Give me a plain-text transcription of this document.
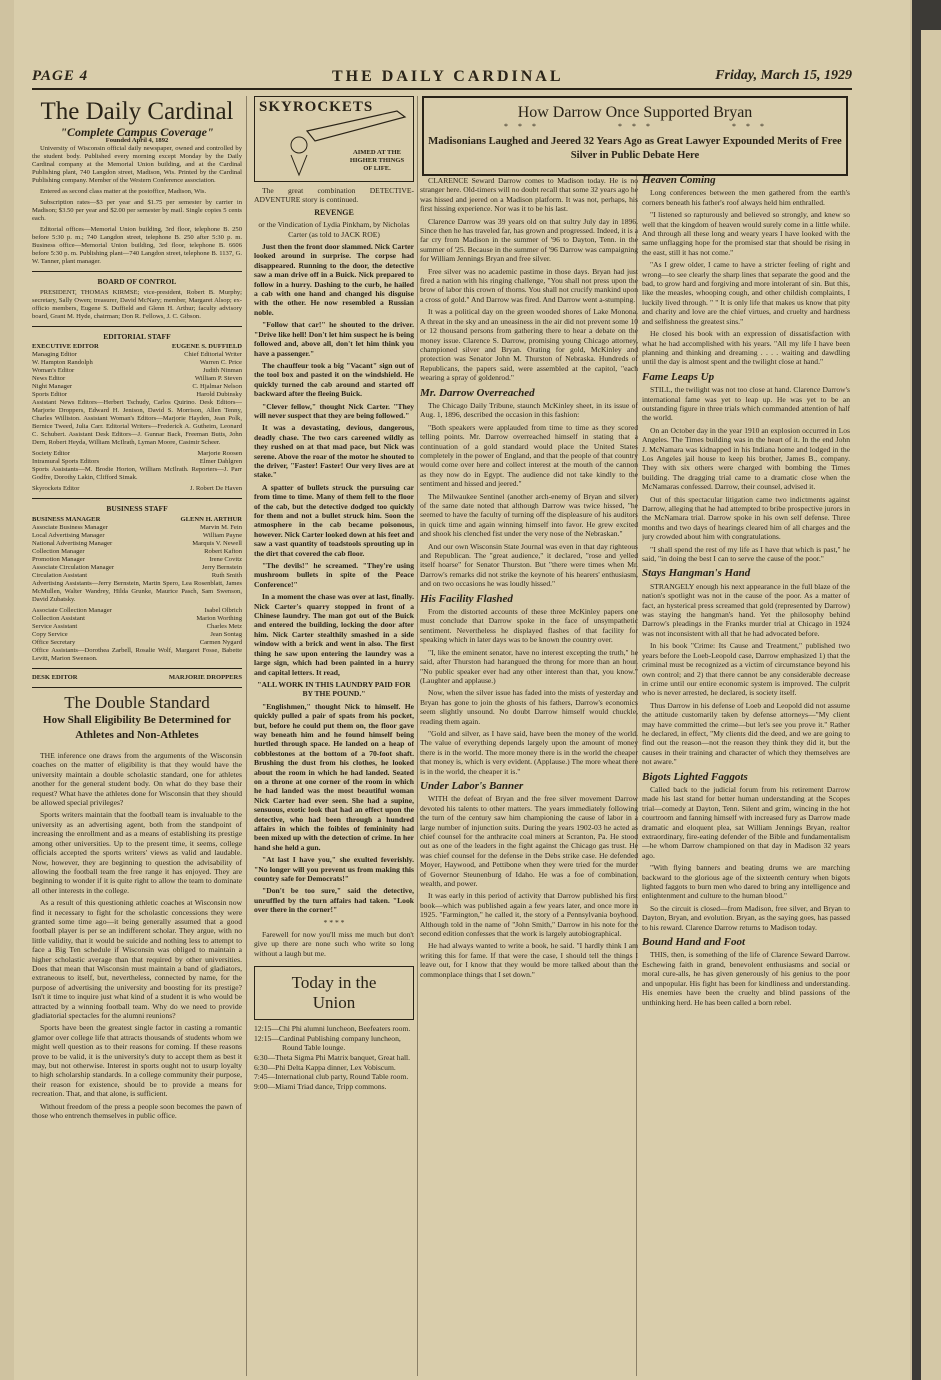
PAGE 4	THE DAILY CARDINAL	Friday, March 15, 1929
The Daily Cardinal
"Complete Campus Coverage"
Founded April 4, 1892

University of Wisconsin official daily newspaper, owned and controlled by the student body. Published every morning except Monday by the Daily Cardinal company at the Memorial Union building, and at the Cardinal Publishing plant, 740 Langdon street, Madison, Wis. Printed by the Cardinal Publishing company. Member of the Western Conference association.

Entered as second class matter at the postoffice, Madison, Wis.

Subscription rates—$3 per year and $1.75 per semester by carrier in Madison; $3.50 per year and $2.00 per semester by mail. Single copies 5 cents each.

Editorial offices—Memorial Union building, 3rd floor, telephone B. 250 before 5:30 p. m.; 740 Langdon street, telephone B. 250 after 5:30 p. m. Business office—Memorial Union building, 3rd floor, telephone B. 6606 before 5:30 p. m. Publishing plant—740 Langdon street, telephone B. 1137, G. W. Tanner, plant manager.

BOARD OF CONTROL

PRESIDENT, THOMAS KIRMSE; vice-president, Robert B. Murphy; secretary, Sally Owen; treasurer, David McNary; member, Margaret Alsop; ex-officio members, Eugene S. Duffield and Glenn H. Arthur; faculty advisory board, Grant M. Hyde, chairman; Don R. Fellows, J. C. Gibson.

EDITORIAL STAFF
EXECUTIVE EDITOR	EUGENE S. DUFFIELD
Managing Editor	Chief Editorial Writer
W. Hampton Randolph	Warren C. Price
Woman's Editor	Judith Ninman
News Editor	William P. Steven
Night Manager	C. Hjalmar Nelson
Sports Editor	Harold Dubinsky

Assistant News Editors—Herbert Tschudy, Carlos Quirino. Desk Editors—Marjorie Droppers, Edward H. Jenison, David S. Morrison, Allen Tenny, Charles Williston. Assistant Woman's Editors—Marjorie Hayden, Jean Polk, Bernice Tweed, Julia Carr. Editorial Writers—Frederick A. Gutheim, Leonard C. Schubert. Assistant Desk Editors—J. Gunnar Back, Freeman Butts, John Dern, Robert Heyda, William McIlrath, Lyman Moore, Casimir Scheer.

Society Editor	Marjorie Roosen
Intramural Sports Editors	Elmer Dahlgren

Sports Assistants—M. Brodie Horton, William McIlrath. Reporters—J. Parr Godfre, Dorothy Lakin, Clifford Simak.

Skyrockets Editor	J. Robert De Haven
BUSINESS STAFF
BUSINESS MANAGER	GLENN H. ARTHUR
Associate Business Manager	Marvin M. Fein
Local Advertising Manager	William Payne
National Advertising Manager	Marquis V. Newell
Collection Manager	Robert Kafton
Promotion Manager	Irene Covitz
Associate Circulation Manager	Jerry Bernstein
Circulation Assistant	Ruth Smith

Advertising Assistants—Jerry Bernstein, Martin Spero, Lea Rosenblatt, James McMullen, Walter Wandrey, Hilda Grunke, Maurice Pasch, Sam Swenson, David Zubatsky.

Associate Collection Manager	Isabel Olbrich
Collection Assistant	Marion Worthing
Service Assistant	Charles Metz
Copy Service	Jean Sontag
Office Secretary	Carmen Nygard

Office Assistants—Dorothea Zarbell, Rosalie Wolf, Margaret Fosse, Babette Levitt, Marion Swenson.

DESK EDITOR	MARJORIE DROPPERS
The Double Standard
How Shall Eligibility Be Determined for Athletes and Non-Athletes

THE inference one draws from the arguments of the Wisconsin coaches on the matter of eligibility is that they would have the university maintain a double scholastic standard, one for athletes another for the general student body. On what do they base their request? What have the athletes done for Wisconsin that they should be allowed special privileges?

Sports writers maintain that the football team is invaluable to the university as an advertising agent, both from the standpoint of increasing the enrollment and as a means of establishing its prestige among other universities. Up to the present time, it seems, college officials accepted the sports writers' views as valid and laudable. Now, however, they are beginning to question the advisability of allowing the football team the free range it has enjoyed. They are beginning to wonder if it is quite right to allow the team to dominate all other interests in the college.

As a result of this questioning athletic coaches at Wisconsin now find it necessary to fight for the scholastic concessions they were granted some time ago—it being generally assumed that a good football player is per se an indifferent scholar. They argue, with no little validity, that it would be suicide and nothing less to attempt to face a Big Ten schedule if Wisconsin was obliged to maintain a higher scholastic average than that required by other universities. Does that mean that Wisconsin must maintain a band of gladiators, extraneous to itself, but, nevertheless, connected by name, for the purpose of advertising the university and boosting for its prestige? Isn't it time to inquire just what kind of a student it is who would be attracted by a winning football team. Why do we need to provide gladiatorial spectacles for the alumni reunions?

Sports have been the greatest single factor in casting a romantic glamor over college life that attracts thousands of students whom we might well question as to their reasons for coming. If these reasons prove to be valid, it is the university's duty to accept them as best it may, but not otherwise. Interest in sports ought not to usurp loyalty to high scholarship standards. In a college community their purpose, their reason for existence, should be to provide a means for recreation. That, and that alone, is sufficient.

Without freedom of the press a people soon becomes the pawn of those who entrench themselves in public office.

SKYROCKETS
AIMED AT THE HIGHER THINGS OF LIFE.

The great combination DETECTIVE-ADVENTURE story is continued.

REVENGE

or the Vindication of Lydia Pinkham, by Nicholas Carter (as told to JACK ROE)

Just then the front door slammed. Nick Carter looked around in surprise. The corpse had disappeared. Running to the door, the detective saw a man drive off in a Buick. Nick prepared to follow in a hurry. Dashing to the curb, he hailed a cab with one hand and changed his disguise with the other. He now resembled a Russian noble.

"Follow that car!" he shouted to the driver. "Drive like hell! Don't let him suspect he is being followed and, above all, don't let him think you have a passenger."

The chauffeur took a big "Vacant" sign out of the tool box and pasted it on the windshield. He quickly turned the cab around and started off backward after the fleeing Buick.

"Clever fellow," thought Nick Carter. "They will never suspect that they are being followed."

It was a devastating, devious, dangerous, deadly chase. The two cars careened wildly as they rushed on at that mad pace, but Nick was serene. Above the roar of the motor he shouted to the driver, "Faster! Faster! Our very lives are at stake."

A spatter of bullets struck the pursuing car from time to time. Many of them fell to the floor of the cab, but the detective dodged too quickly for them and not a bullet struck him. Soon the atmosphere in the cab became poisonous, however. Nick Carter looked down at his feet and saw a vast quantity of toadstools sprouting up in the dirt that covered the cab floor.

"The devils!" he screamed. "They're using mushroom bullets in spite of the Peace Conference!"

In a moment the chase was over at last, finally. Nick Carter's quarry stopped in front of a Chinese laundry. The man got out of the Buick and entered the building, locking the door after him. Nick Carter stealthily smashed in a side window with a brick and went in also. The first thing he saw upon entering the laundry was a large sign, which had been painted in a hurry and capital letters. It read,

"ALL WORK IN THIS LAUNDRY PAID FOR BY THE POUND."

"Englishmen," thought Nick to himself. He quickly pulled a pair of spats from his pocket, but, before he could put them on, the floor gave way beneath him and he found himself being hurtled through space. He landed on a heap of cobblestones at the bottom of a 70-foot shaft. Brushing the dust from his clothes, he looked about the room in which he had landed. Seated on a throne at one corner of the room in which he had landed was the most beautiful woman Nick Carter had ever seen. She had a supine, sensuous, exotic look that had an effect upon the detective, who had been through a hundred affairs in which the foibles of femininity had been mixed up with the detection of crime. In her hand she held a gun.

"At last I have you," she exulted feverishly. "No longer will you prevent us from making this country safe for Democrats!"

"Don't be too sure," said the detective, unruffled by the turn affairs had taken. "Look over there in the corner!"

* * * *

Farewell for now you'll miss me much but don't give up there are none such who write so long without a laugh but me.

Today in the Union
12:15—Chi Phi alumni luncheon, Beefeaters room.
12:15—Cardinal Publishing company luncheon, Round Table lounge.
6:30—Theta Sigma Phi Matrix banquet, Great hall.
6:30—Phi Delta Kappa dinner, Lex Vobiscum.
7:45—International club party, Round Table room.
9:00—Miami Triad dance, Tripp commons.
How Darrow Once Supported Bryan
*  *  *                    *  *  *                    *  *  *
Madisonians Laughed and Jeered 32 Years Ago as Great Lawyer Expounded Merits of Free Silver in Public Debate Here

CLARENCE Seward Darrow comes to Madison today. He is no stranger here. Old-timers will no doubt recall that some 32 years ago he was hissed and jeered on a Madison platform. It was not, perhaps, his first hissing experience. Nor was it to be his last.

Clarence Darrow was 39 years old on that sultry July day in 1896. Since then he has traveled far, has grown and progressed. Indeed, it is a far cry from Madison in the summer of '96 to Dayton, Tenn. in the summer of '25. Because in the summer of '96 Darrow was campaigning for William Jennings Bryan and free silver.

Free silver was no academic pastime in those days. Bryan had just fired a nation with his ringing challenge, "You shall not press upon the brow of labor this crown of thorns. You shall not crucify mankind upon a cross of gold." And Darrow was fired. And Darrow went a-stumping.

It was a political day on the green wooded shores of Lake Monona. A threat in the sky and an uneasiness in the air did not prevent some 10 or 12 thousand persons from gathering there to hear a debate on the money issue. Clarence S. Darrow, promising young Chicago attorney, championed silver and Bryan. Orating for gold, McKinley and protection was Senator John M. Thurston of Nebraska. Hundreds of Republicans, the papers said, were assembled at the capitol, "each wearing a spray of goldenrod."

Mr. Darrow Overreached

The Chicago Daily Tribune, staunch McKinley sheet, in its issue of Aug. 1, 1896, described the occasion in this fashion:

"Both speakers were applauded from time to time as they scored telling points. Mr. Darrow overreached himself in stating that a continuation of a gold standard would place the United States completely in the power of England, and that the people of that country would come over here and collect interest at the mouth of the cannon as they now do in Egypt. The audience did not take kindly to the sentiment and hissed and jeered."

The Milwaukee Sentinel (another arch-enemy of Bryan and silver) of the same date noted that although Darrow was twice hissed, "he seemed to have the faculty of turning off the displeasure of his auditors in quick time and again winning himself into favor. He grew excited and shook his clenched fist under the very nose of the Nebraskan."

And our own Wisconsin State Journal was even in that day righteous and Republican. The "great audience," it declared, "rose and yelled itself hoarse" for Senator Thurston. But "there were times when Mr. Darrow's remarks did not strike the keynote of his hearers' enthusiasm, and on two occasions he was loudly hissed."

His Facility Flashed

From the distorted accounts of these three McKinley papers one must conclude that Darrow spoke in the face of unsympathetic sentiment. Nevertheless he displayed flashes of that facility for speaking which in later days was to be known the country over.

"I, like the eminent senator, have no interest excepting the truth," he said, after Thurston had harangued the throng for more than an hour. "No public speaker ever had any other interest than that, you know." (Laughter and applause.)

Now, when the silver issue has faded into the mists of yesterday and Bryan has gone to join the ghosts of his fathers, Darrow's economics seem slightly unsound. No doubt Darrow himself would chuckle, reading them again.

"Gold and silver, as I have said, have been the money of the world. The value of everything depends largely upon the amount of money there is in the world. The more money there is in the world the cheaper that money is, which is very evident. (Applause.) The more wheat there is in the world, the cheaper it is."

Under Labor's Banner

WITH the defeat of Bryan and the free silver movement Darrow devoted his talents to other matters. The years immediately following the turn of the century saw him championing the cause of labor in a large number of injunction suits. During the years 1902-03 he acted as chief counsel for the anthracite coal miners at Scranton, Pa. He stood out as one of the leaders in the fight against the Chicago gas trust. He was chief counsel for the defense in the Debs strike case. He defended Moyer, Haywood, and Pettibone when they were tried for the murder of Governor Steunenburg of Idaho. He was a foe of combination, wealth, and power.

It was early in this period of activity that Darrow published his first book—which was published again a few years later, and once more in 1925. "Farmington," he called it, the story of a Pennsylvania boyhood. Although told in the name of "John Smith," Darrow in his note for the second edition confesses that the work is largely autobiographical.

He had always wanted to write a book, he said. "I hardly think I am writing this for fame. If that were the case, I should tell the things I leave out, for I know that they would be more talked about than the commonplace things that I set down."

Heaven Coming

Long conferences between the men gathered from the earth's corners beneath his father's roof always held him enthralled.

"I listened so rapturously and believed so strongly, and knew so well that the kingdom of heaven would surely come in a little while. And through all these long and weary years I have looked with the same unflagging hope for the promised star that should be rising in the east, still it has not come."

"As I grew older, I came to have a stricter feeling of right and wrong—to see clearly the sharp lines that separate the good and the bad, to grow hard and forgiving and more intolerant of sin. But this, like the measles, whooping cough, and other childish complaints, I luckily lived through. " " It is only life that makes us know that pity and charity and love are the chief virtues, and cruelty and hardness and selfishness the greatest sins."

He closed his book with an expression of dissatisfaction with what he had accomplished with his years. "All my life I have been planning and thinking and dreaming . . . . waiting and dawdling until the day is almost spent and the twilight close at hand."

Fame Leaps Up

STILL, the twilight was not too close at hand. Clarence Darrow's international fame was yet to leap up. He was yet to be an outstanding figure in three trials which commanded attention of half the world.

On an October day in the year 1910 an explosion occurred in Los Angeles. The Times building was in the heart of it. In the end John J. McNamara was kidnapped in his Indiana home and lodged in the Los Angeles jail house to keep his brother, James B., company. They with six others were charged with bombing the Times building. The dragging trial came to a dramatic close when the McNamaras confessed. Darrow, their counsel, advised it.

Out of this spectacular litigation came two indictments against Darrow, alleging that he had attempted to bribe prospective jurors in the McNamara trial. Darrow spoke in his own self defense. Three months and two days of hearings cleared him of all charges and the jury crowded about him with congratulations.

"I shall spend the rest of my life as I have that which is past," he said, "in doing the best I can to serve the cause of the poor."

Stays Hangman's Hand

STRANGELY enough his next appearance in the full blaze of the nation's spotlight was not in the cause of the poor. As a matter of fact, an hysterical press screamed that gold (represented by Darrow) was staying the hangman's hand. Yet the philosophy behind Darrow's pleadings in the Franks murder trial at Chicago in 1924 was not inconsistent with all that he had advocated before.

In his book "Crime: Its Cause and Treatment," published two years before the Loeb-Leopold case, Darrow emphasized 1) that the criminal must be recognized as a victim of circumstance beyond his own control; and 2) that there cannot be any considerable decrease in crime until our entire economic system is improved. The culprit who is never arrested, he declared, is society itself.

Thus Darrow in his defense of Loeb and Leopold did not assume the attitude customarily taken by defense attorneys—"My client may have committed the crime—but let's see you prove it." Rather he declared, in effect, "My clients did the deed, and we are going to find out the reason—not the reason they think they did it, but the causes in their training and character of which they themselves are not aware."

Bigots Lighted Faggots

Called back to the judicial forum from his retirement Darrow made his last stand for better human understanding at the Scopes trial—comedy at Dayton, Tenn. Silent and grim, wincing in the hot courtroom and fanning himself with increased fury as Darrow made dramatic and eloquent plea, sat William Jennings Bryan, realtor extraordinary, fire-eating defender of the Bible and fundamentalism—he whom Darrow championed on that day in Madison 32 years ago.

"With flying banners and beating drums we are marching backward to the glorious age of the sixteenth century when bigots lighted faggots to burn men who dared to bring any intelligence and enlightenment and culture to the human blood."

So the circuit is closed—from Madison, free silver, and Bryan to Dayton, Bryan, and evolution. Bryan, as the saying goes, has passed to his reward. Clarence Darrow returns to Madison today.

Bound Hand and Foot

THIS, then, is something of the life of Clarence Seward Darrow. Eschewing faith in grand, benevolent enthusiasms and social or moral cure-alls, he has given generously of his genius to the poor and unpopular. His fight has been for kindliness and understanding. His enemies have been the cruelty and blind passions of the unthinking herd. He has been called a born rebel.
